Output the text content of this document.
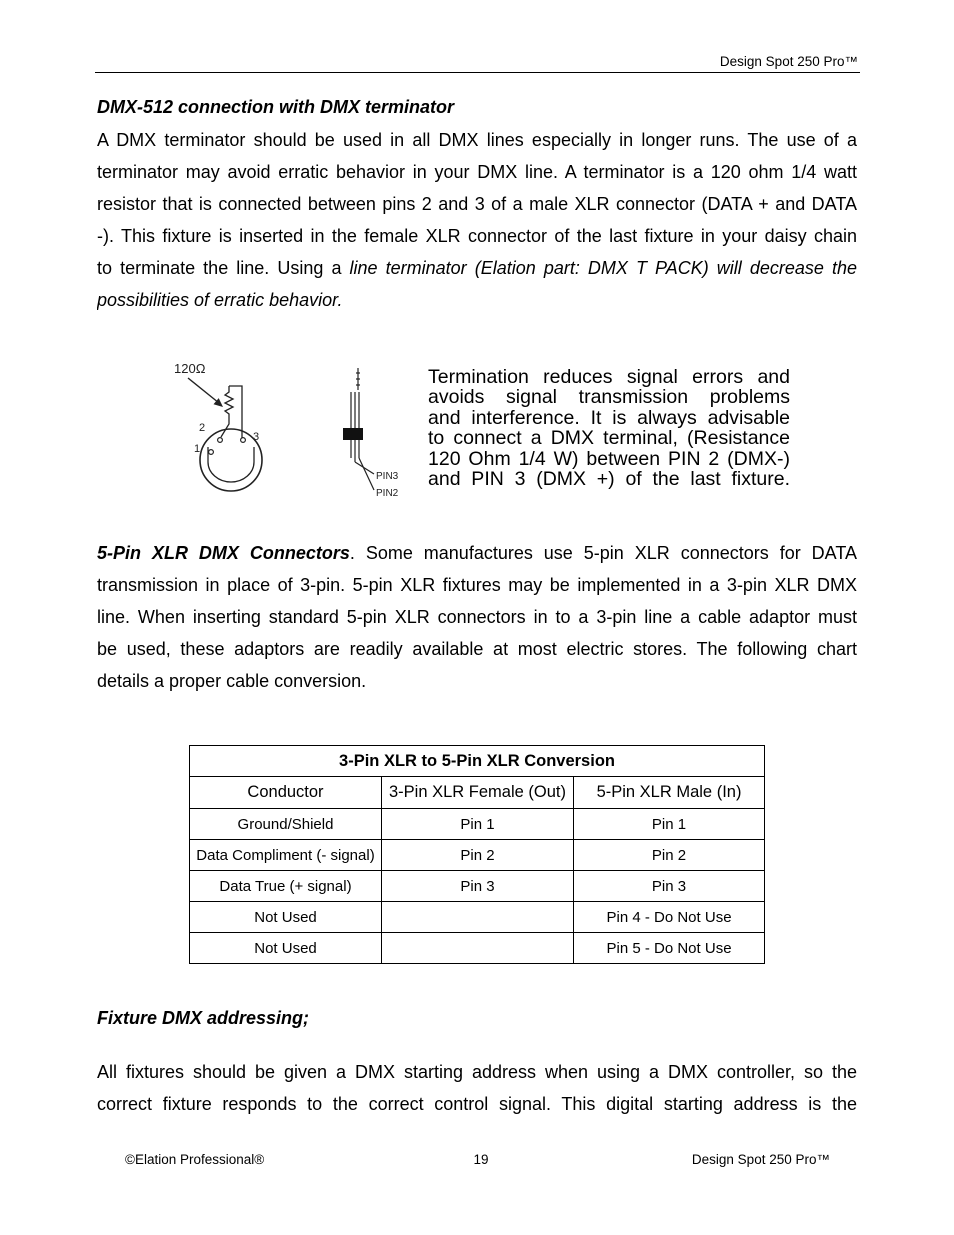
Design Spot 250 Pro™
DMX-512 connection with DMX terminator
A DMX terminator should be used in all DMX lines especially in longer runs. The use of a
terminator may avoid erratic behavior in your DMX line. A terminator is a 120 ohm 1/4 watt
resistor that is connected between pins 2 and 3 of a male XLR connector (DATA + and DATA
-). This fixture is inserted in the female XLR connector of the last fixture in your daisy chain
to terminate the line. Using a line terminator (Elation part: DMX T PACK) will decrease the
possibilities of erratic behavior.
120Ω
1
2
3
PIN3
PIN2
Termination reduces signal errors and
avoids signal transmission problems
and interference. It is always advisable
to connect a DMX terminal, (Resistance
120 Ohm 1/4 W) between PIN 2 (DMX-)
and PIN 3 (DMX +) of the last fixture.
5-Pin XLR DMX Connectors. Some manufactures use 5-pin XLR connectors for DATA
transmission in place of 3-pin. 5-pin XLR fixtures may be implemented in a 3-pin XLR DMX
line. When inserting standard 5-pin XLR connectors in to a 3-pin line a cable adaptor must
be used, these adaptors are readily available at most electric stores. The following chart
details a proper cable conversion.
3-Pin XLR to 5-Pin XLR Conversion		
Conductor	3-Pin XLR Female (Out)	5-Pin XLR Male (In)
Ground/Shield	Pin 1	Pin 1
Data Compliment (- signal)	Pin 2	Pin 2
Data True (+ signal)	Pin 3	Pin 3
Not Used		Pin 4 - Do Not Use
Not Used		Pin 5 - Do Not Use
Fixture DMX addressing;
All fixtures should be given a DMX starting address when using a DMX controller, so the
correct fixture responds to the correct control signal. This digital starting address is the
©Elation Professional®	19	Design Spot 250 Pro™
